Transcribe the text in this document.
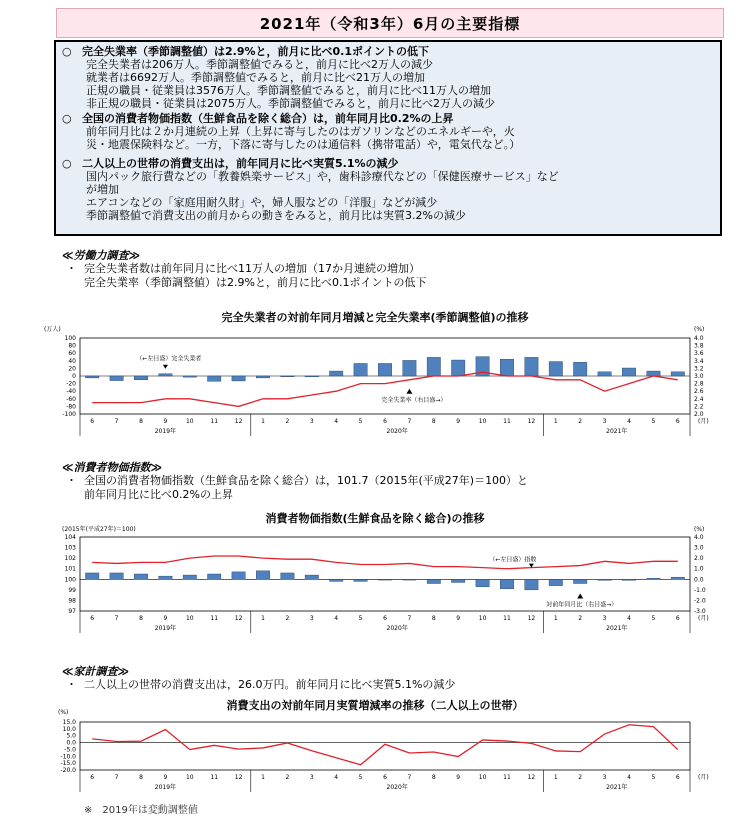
2021年（令和3年）6月の主要指標
○ 完全失業率（季節調整値）は2.9%と，前月に比べ0.1ポイントの低下
完全失業者は206万人。季節調整値でみると，前月に比べ2万人の減少
就業者は6692万人。季節調整値でみると，前月に比べ21万人の増加
正規の職員・従業員は3576万人。季節調整値でみると，前月に比べ11万人の増加
非正規の職員・従業員は2075万人。季節調整値でみると，前月に比べ2万人の減少
○ 全国の消費者物価指数（生鮮食品を除く総合）は，前年同月比0.2%の上昇
前年同月比は２か月連続の上昇（上昇に寄与したのはガソリンなどのエネルギーや，火
災・地震保険料など。一方，下落に寄与したのは通信料（携帯電話）や，電気代など。）
○ 二人以上の世帯の消費支出は，前年同月に比べ実質5.1%の減少
国内パック旅行費などの「教養娯楽サービス」や，歯科診療代などの「保健医療サービス」など
が増加
エアコンなどの「家庭用耐久財」や，婦人服などの「洋服」などが減少
季節調整値で消費支出の前月からの動きをみると，前月比は実質3.2%の減少
≪労働力調査≫
・ 完全失業者数は前年同月に比べ11万人の増加（17か月連続の増加）
完全失業率（季節調整値）は2.9%と，前月に比べ0.1ポイントの低下
完全失業者の対前年同月増減と完全失業率(季節調整値)の推移
(万人)	(%)
100
80
60
40
20
0
-20
-40
-60
-80
-100
4.0
3.8
3.6
3.4
3.2
3.0
2.8
2.6
2.4
2.2
2.0
6	7	8	9	10	11	12	1	2	3	4	5	6	7	8	9	10	11	12	1	2	3	4	5	6	(月)
2019年	2020年	2021年
（←左目盛）完全失業者
完全失業率（右目盛→）
≪消費者物価指数≫
・ 全国の消費者物価指数（生鮮食品を除く総合）は，101.7（2015年(平成27年)＝100）と
前年同月比に比べ0.2%の上昇
消費者物価指数(生鮮食品を除く総合)の推移
(2015年(平成27年)＝100)	(%)
104
103
102
101
100
99
98
97
4.0
3.0
2.0
1.0
0.0
-1.0
-2.0
-3.0
6	7	8	9	10	11	12	1	2	3	4	5	6	7	8	9	10	11	12	1	2	3	4	5	6	(月)
2019年	2020年	2021年
（←左目盛）指数
対前年同月比（右目盛→）
≪家計調査≫
・ 二人以上の世帯の消費支出は，26.0万円。前年同月に比べ実質5.1%の減少
消費支出の対前年同月実質増減率の推移（二人以上の世帯）
(%)
15.0
10.0
5.0
0.0
-5.0
-10.0
-15.0
-20.0
6	7	8	9	10	11	12	1	2	3	4	5	6	7	8	9	10	11	12	1	2	3	4	5	6	(月)
2019年	2020年	2021年
※　2019年は変動調整値
